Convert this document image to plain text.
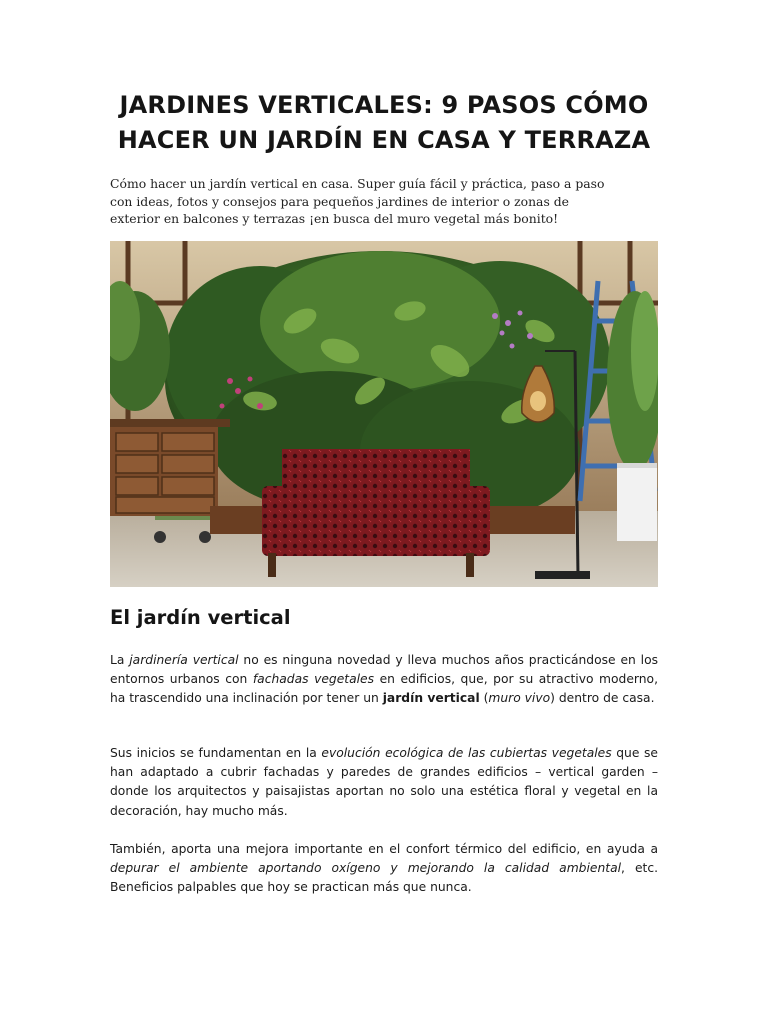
JARDINES VERTICALES: 9 PASOS CÓMO HACER UN JARDÍN EN CASA Y TERRAZA

Cómo hacer un jardín vertical en casa. Super guía fácil y práctica, paso a paso con ideas, fotos y consejos para pequeños jardines de interior o zonas de exterior en balcones y terrazas ¡en busca del muro vegetal más bonito!

El jardín vertical

La jardinería vertical no es ninguna novedad y lleva muchos años practicándose en los entornos urbanos con fachadas vegetales en edificios, que, por su atractivo moderno, ha trascendido una inclinación por tener un jardín vertical (muro vivo) dentro de casa.

Sus inicios se fundamentan en la evolución ecológica de las cubiertas vegetales que se han adaptado a cubrir fachadas y paredes de grandes edificios – vertical garden – donde los arquitectos y paisajistas aportan no solo una estética floral y vegetal en la decoración, hay mucho más.

También, aporta una mejora importante en el confort térmico del edificio, en ayuda a depurar el ambiente aportando oxígeno y mejorando la calidad ambiental, etc. Beneficios palpables que hoy se practican más que nunca.
